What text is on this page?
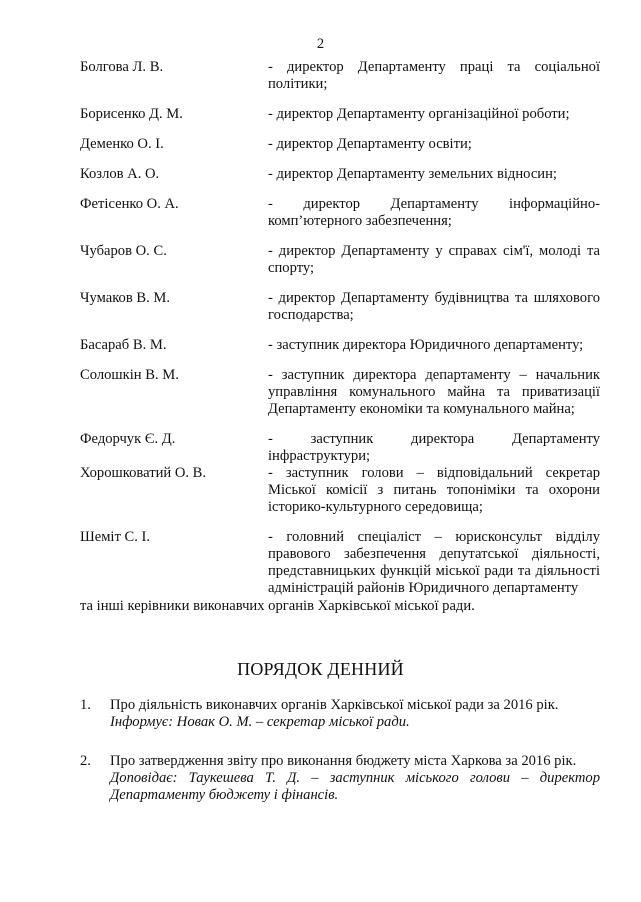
2
Болгова Л. В.	- директор Департаменту праці та соціальної політики;
Борисенко Д. М.	- директор Департаменту організаційної роботи;
Деменко О. І.	- директор Департаменту освіти;
Козлов А. О.	- директор Департаменту земельних відносин;
Фетісенко О. А.	- директор Департаменту інформаційно-комп’ютерного забезпечення;
Чубаров О. С.	- директор Департаменту у справах сім'ї, молоді та спорту;
Чумаков В. М.	- директор Департаменту будівництва та шляхового господарства;
Басараб В. М.	- заступник директора Юридичного департаменту;
Солошкін В. М.	- заступник директора департаменту – начальник управління комунального майна та приватизації Департаменту економіки та комунального майна;
Федорчук Є. Д.	- заступник директора Департаменту інфраструктури;
Хорошковатий О. В.	- заступник голови – відповідальний секретар Міської комісії з питань топоніміки та охорони історико-культурного середовища;
Шеміт С. І.	- головний спеціаліст – юрисконсульт відділу правового забезпечення депутатської діяльності, представницьких функцій міської ради та діяльності адміністрацій районів Юридичного департаменту
та інші керівники виконавчих органів Харківської міської ради.
ПОРЯДОК ДЕННИЙ
1.	Про діяльність виконавчих органів Харківської міської ради за 2016 рік.
Інформує: Новак О. М. – секретар міської ради.
2.	Про затвердження звіту про виконання бюджету міста Харкова за 2016 рік.
Доповідає: Таукешева Т. Д. – заступник міського голови – директор Департаменту бюджету і фінансів.
